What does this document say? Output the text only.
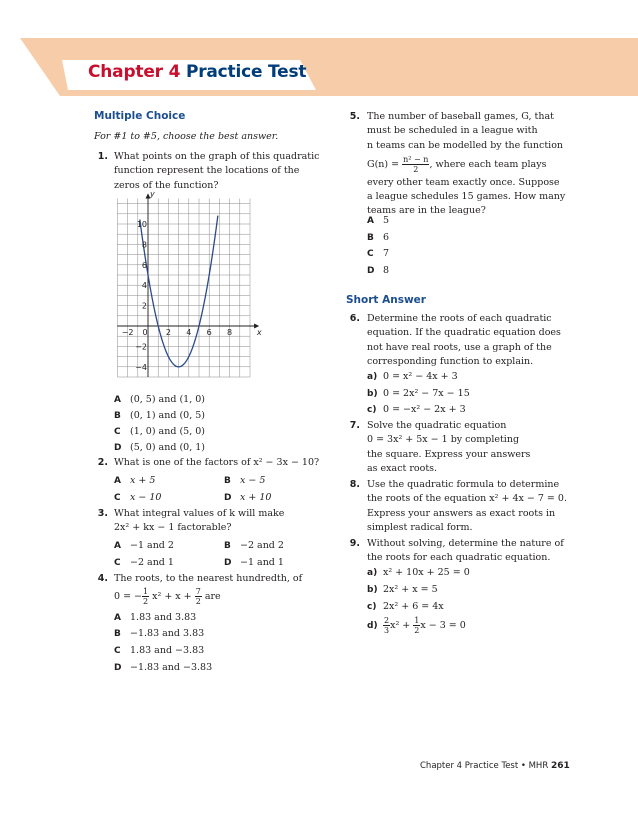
Chapter 4 Practice Test
Multiple Choice
For #1 to #5, choose the best answer.
1. What points on the graph of this quadratic
function represent the locations of the
zeros of the function?
−2 0 2 4 6 8
10
8
6
4
2
−2
−4
x
y
A (0, 5) and (1, 0)
B (0, 1) and (0, 5)
C (1, 0) and (5, 0)
D (5, 0) and (0, 1)
2. What is one of the factors of x² − 3x − 10?
A x + 5	B x − 5
C x − 10	D x + 10
3. What integral values of k will make
2x² + kx − 1 factorable?
A −1 and 2	B −2 and 2
C −2 and 1	D −1 and 1
4. The roots, to the nearest hundredth, of
0 = − $\frac{1}{2} x^2 + x + \frac{7}{2}$ are
A 1.83 and 3.83
B −1.83 and 3.83
C 1.83 and −3.83
D −1.83 and −3.83
5. The number of baseball games, G, that
must be scheduled in a league with
n teams can be modelled by the function
$G(n) = \frac{\text{n² − n}}{2}$ , where each team plays
every other team exactly once. Suppose
a league schedules 15 games. How many
teams are in the league?
A 5
B 6
C 7
D 8
Short Answer
6. Determine the roots of each quadratic
equation. If the quadratic equation does
not have real roots, use a graph of the
corresponding function to explain.
a) 0 = x² − 4x + 3
b) 0 = 2x² − 7x − 15
c) 0 = −x² − 2x + 3
7. Solve the quadratic equation
0 = 3x² + 5x − 1 by completing
the square. Express your answers
as exact roots.
8. Use the quadratic formula to determine
the roots of the equation x² + 4x − 7 = 0.
Express your answers as exact roots in
simplest radical form.
9. Without solving, determine the nature of
the roots for each quadratic equation.
a) x² + 10x + 25 = 0
b) 2x² + x = 5
c) 2x² + 6 = 4x
$d) \frac{2}{3} x^2 + \frac{1}{2}$ x − 3 = 0
Chapter 4 Practice Test • MHR 261
